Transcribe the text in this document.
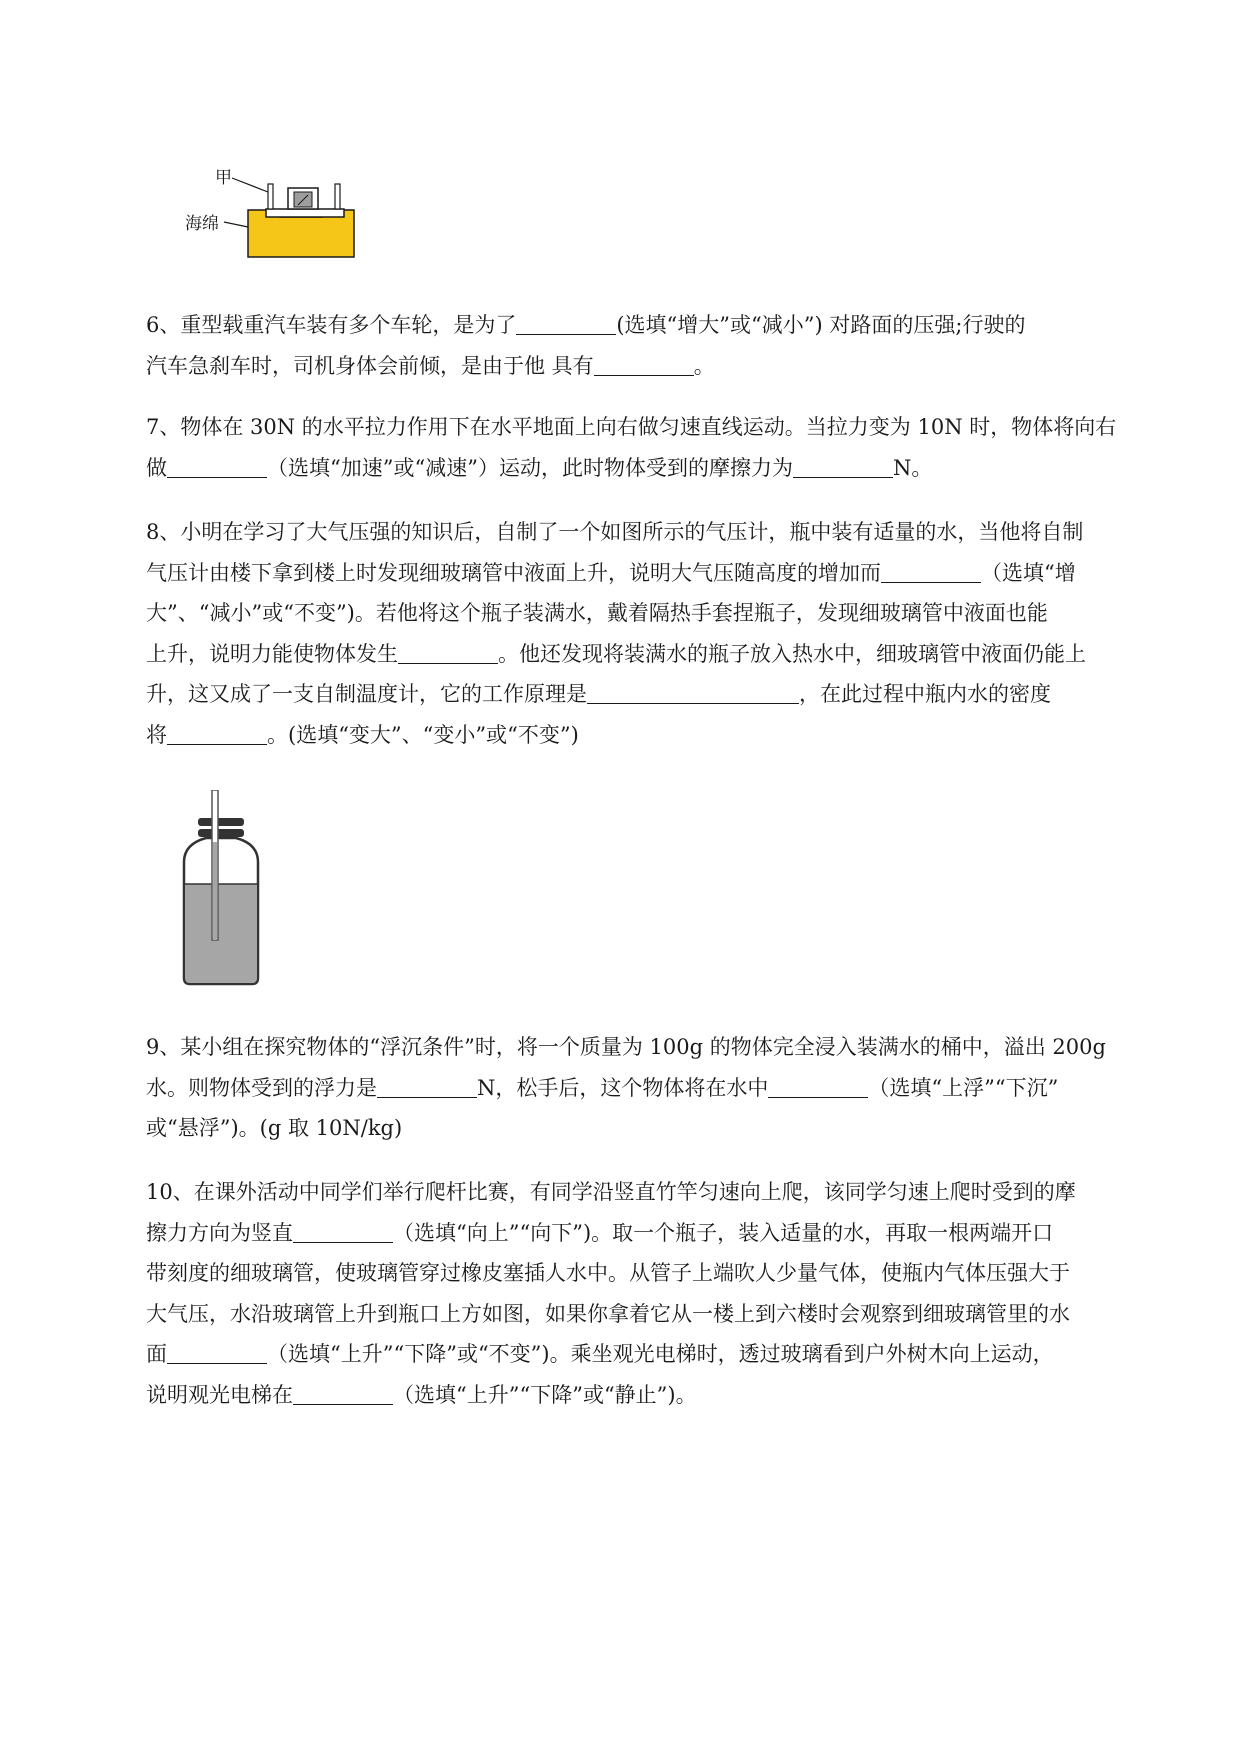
甲
海绵

6、重型载重汽车装有多个车轮，是为了	(选填“增大”或“减小”) 对路面的压强;行驶的

汽车急刹车时，司机身体会前倾，是由于他 具有	。

7、物体在 30N 的水平拉力作用下在水平地面上向右做匀速直线运动。当拉力变为 10N 时，物体将向右

做	（选填“加速”或“减速”）运动，此时物体受到的摩擦力为	N。

8、小明在学习了大气压强的知识后，自制了一个如图所示的气压计，瓶中装有适量的水，当他将自制

气压计由楼下拿到楼上时发现细玻璃管中液面上升，说明大气压随高度的增加而	（选填“增

大”、“减小”或“不变”)。若他将这个瓶子装满水，戴着隔热手套捏瓶子，发现细玻璃管中液面也能

上升，说明力能使物体发生	。他还发现将装满水的瓶子放入热水中，细玻璃管中液面仍能上

升，这又成了一支自制温度计，它的工作原理是	，在此过程中瓶内水的密度

将	。(选填“变大”、“变小”或“不变”)

9、某小组在探究物体的“浮沉条件”时，将一个质量为 100g 的物体完全浸入装满水的桶中，溢出 200g

水。则物体受到的浮力是	N，松手后，这个物体将在水中	（选填“上浮”“下沉”

或“悬浮”)。(g 取 10N/kg)

10、在课外活动中同学们举行爬杆比赛，有同学沿竖直竹竿匀速向上爬，该同学匀速上爬时受到的摩

擦力方向为竖直	（选填“向上”“向下”)。取一个瓶子，装入适量的水，再取一根两端开口

带刻度的细玻璃管，使玻璃管穿过橡皮塞插人水中。从管子上端吹人少量气体，使瓶内气体压强大于

大气压，水沿玻璃管上升到瓶口上方如图，如果你拿着它从一楼上到六楼时会观察到细玻璃管里的水

面	（选填“上升”“下降”或“不变”)。乘坐观光电梯时，透过玻璃看到户外树木向上运动，

说明观光电梯在	（选填“上升”“下降”或“静止”)。
